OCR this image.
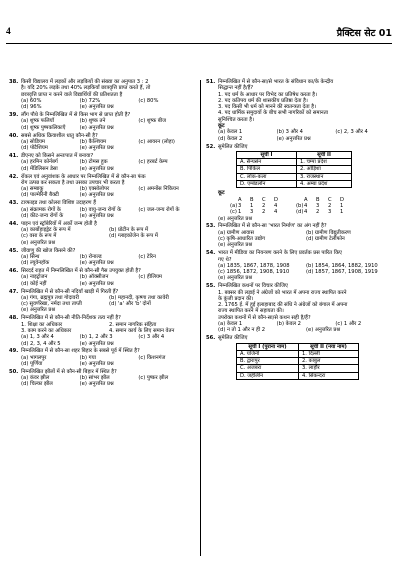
4	प्रैक्टिस सेट 01
38. किसी विद्यालय में लड़कों और लड़कियों की संख्या का अनुपात 3 : 2
है। यदि 20% लड़के तथा 40% लड़कियाँ छात्रवृत्ति प्राप्त करते हैं, तो
छात्रवृत्ति प्राप्त न करने वाले विद्यार्थियों की प्रतिशतता है
(a) 60%	(b) 72%	(c) 80%
(d) 96%	(e) अनुत्तरित प्रश्न
39. लौंग पौधे के निम्नलिखित में से किस भाग से प्राप्त होती है?
(a) शुष्क फलियाँ	(b) शुष्क तने	(c) शुष्क बीज
(d) शुष्क पुष्पकलिकाएँ	(e) अनुत्तरित प्रश्न
40. सबसे अधिक क्रियाशील धातु कौन-सी है?
(a) सोडियम	(b) कैल्शियम	(c) आयरन (लोहा)
(d) पोटैशियम	(e) अनुत्तरित प्रश्न
41. डीएनए को किसने अन्तःपात में बनाया?
(a) हरमिन कोर्नबर्ग	(b) टोमस हुक	(c) हरबर्ट केम्प
(d) मेंडिलिसन डेसा	(e) अनुत्तरित प्रश्न
42. रोंकल एवं अनुवांशक के आधार पर निम्नलिखित में से कौन-सा फंक
रोग उत्पन्न कर सकता है तथा उसका उपचार भी करता है
(a) सम्बाकू	(b) एक्सोलोपर	(c) अमनोंस निकियन
(d) पाल्मेरिनी बैक्टी	(e) अनुत्तरित प्रश्न
43. टाय्फाइड तथा कोलरा विशिष्ट उदाहरण हैं
(a) संक्रामक रोगों के	(b) वायु-जन्य रोगों के	(c) जल-जन्य रोगों के
(d) कीट-जन्य रोगों के	(e) अनुत्तरित प्रश्न
44. पाइन एवं स्ट्रॉबेरियों में अर्को जन्म होती है
(a) कार्बोहाइड्रेट के रूप में	(b) प्रोटीन के रूप में
(c) वसा के रूप में	(d) ग्लाइकोजेन के रूप में
(e) अनुत्तरित प्रश्न
45. जीवाणु की खोज किसने की?
(a) सिन्थ	(b) रोनाल्ड	(c) टेरिन
(d) ल्यूवेनहॉक	(e) अनुत्तरित प्रश्न
46. सिरदर्द राहत में निम्नलिखित में से कौन-सी गैस उपयुक्त होती है?
(a) नाइट्रोजन	(b) ऑक्सीजन	(c) हीलियम
(d) कोई नहीं	(e) अनुत्तरित प्रश्न
47. निम्नलिखित में से कौन-सी नदियाँ खाड़ी में गिरती हैं?
(a) गंगा, ब्रह्मपुत्र तथा गोदावरी	(b) महानदी, कृष्णा तथा कावेरी
(c) सुवर्णरेखा, नर्मदा तथा ताप्ती	(d) 'a' और 'b' दोनों
(e) अनुत्तरित प्रश्न
48. निम्नलिखित में से कौन-सी नीति-निर्देशक तत्व नहीं है?
1. शिक्षा का अधिकार	2. समान नागरिक संहिता
3. काम करने का अधिकार	4. समान कार्य के लिए समान वेतन
(a) 1, 3 और 4	(b) 1, 2 और 3	(c) 3 और 4
(d) 2, 3, 4 और 5	(e) अनुत्तरित प्रश्न
49. निम्नलिखित में से कौन-सा शहर बिहार के सबसे पूर्व में स्थित है?
(a) भागलपुर	(b) गया	(c) किशनगंज
(d) पूर्णिया	(e) अनुत्तरित प्रश्न
50. निम्नलिखित झीलों में से कौन-सी बिहार में स्थित है?
(a) कंवर झील	(b) सांभर झील	(c) पुष्कर झील
(d) चिल्का झील	(e) अनुत्तरित प्रश्न
51. निम्नलिखित में से कौन-सा/से भारत के संविधान का/के केन्द्रीय
सिद्धान्त नहीं है/हैं?
1. पद धर्म के आधार पर विभेद का प्रतिषेध करता है।
2. पद कतिपय धर्म की शासकीय प्रतिष्ठा देता है।
3. पद किसी भी धर्म को मानने की स्वतन्त्रता देता है।
4. पद धार्मिक समुदायों के बीच सभी नागरिकों को समानता
सुनिश्चित करता है।
कूट
(a) केवल 1	(b) 3 और 4	(c) 2, 3 और 4
(d) केवल 2	(e) अनुत्तरित प्रश्न
52. सुमेलित कीजिए
सूची I	सूची II
A. सैन्यसेन	1. चम्पा प्रदेश
B. पिकिल	2. ओड़िशा
C. लोक-कला	3. राजस्थान
D. एम्बेडलॉन	4. अम्बा प्रदेश
कूट
A	B	C	D	A	B	C	D
(a) 3	1	2	4	(b) 4	3	2	1
(c) 1	3	2	4	(d) 4	2	3	1
(e) अनुत्तरित प्रश्न
53. निम्नलिखित में से कौन-सा 'भारत निर्माण' का अंग नहीं है?
(a) ग्रामीण आवास	(b) ग्रामीण विद्युतीकरण
(c) कृषि-आधारित उद्योग	(d) ग्रामीण टेलीफोन
(e) अनुत्तरित प्रश्न
54. भारत में मीडिया का नियन्त्रण करने के लिए प्रवर्तक प्रस पारित किए
गए थे?
(a) 1835, 1867, 1878, 1908	(b) 1854, 1864, 1882, 1910
(c) 1856, 1872, 1908, 1910	(d) 1857, 1867, 1908, 1919
(e) अनुत्तरित प्रश्न
55. निम्नलिखित कथनों पर विचार कीजिए
1. बक्सर की लड़ाई ने अंग्रेजों को भारत में अपना राज्य स्थापित करने
के कुंजी प्रदान की।
2. 1765 ई. में हुई इलाहाबाद की संधि ने अंग्रेजों को बंगाल में अपना
राज्य स्थापित करने में सहायता की।
उपरोक्त कथनों में से कौन-सा/से कथन सही है/हैं?
(a) केवल 1	(b) केवल 2	(c) 1 और 2
(d) न तो 1 और न ही 2	(e) अनुत्तरित प्रश्न
56. सुमेलित कीजिए
सूची I (पुराना नाम)	सूची II (नया नाम)
A. यजिनी	1. दिल्ली
B. द्वारापुर	2. काबुल
C. अजबरा	3. लाहौर
D. जहीलीन	4. सिकन्दरा
